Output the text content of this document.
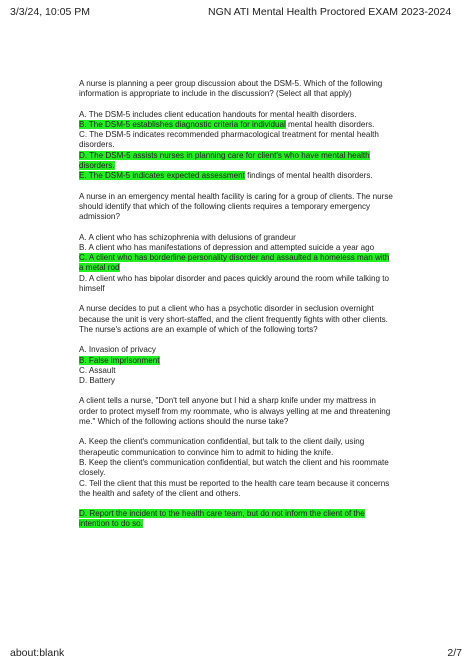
3/3/24, 10:05 PM	NGN ATI Mental Health Proctored EXAM 2023-2024
A nurse is planning a peer group discussion about the DSM-5. Which of the following
information is appropriate to include in the discussion? (Select all that apply)
A. The DSM-5 includes client education handouts for mental health disorders.
B. The DSM-5 establishes diagnostic criteria for individual mental health disorders.
C. The DSM-5 indicates recommended pharmacological treatment for mental health
disorders.
D. The DSM-5 assists nurses in planning care for client's who have mental health
disorders.
E. The DSM-5 indicates expected assessment findings of mental health disorders.
A nurse in an emergency mental health facility is caring for a group of clients. The nurse
should identify that which of the following clients requires a temporary emergency
admission?
A. A client who has schizophrenia with delusions of grandeur
B. A client who has manifestations of depression and attempted suicide a year ago
C. A client who has borderline personality disorder and assaulted a homeless man with
a metal rod
D. A client who has bipolar disorder and paces quickly around the room while talking to
himself
A nurse decides to put a client who has a psychotic disorder in seclusion overnight
because the unit is very short-staffed, and the client frequently fights with other clients.
The nurse's actions are an example of which of the following torts?
A. Invasion of privacy
B. False imprisonment
C. Assault
D. Battery
A client tells a nurse, "Don't tell anyone but I hid a sharp knife under my mattress in
order to protect myself from my roommate, who is always yelling at me and threatening
me." Which of the following actions should the nurse take?
A. Keep the client's communication confidential, but talk to the client daily, using
therapeutic communication to convince him to admit to hiding the knife.
B. Keep the client's communication confidential, but watch the client and his roommate
closely.
C. Tell the client that this must be reported to the health care team because it concerns
the health and safety of the client and others.
D. Report the incident to the health care team, but do not inform the client of the
intention to do so.
about:blank	2/7
